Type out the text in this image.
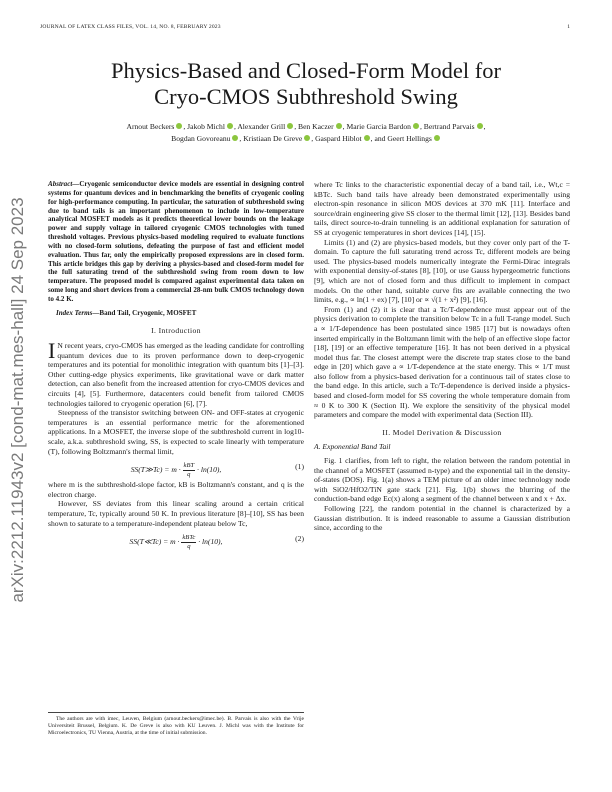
JOURNAL OF LATEX CLASS FILES, VOL. 14, NO. 8, FEBRUARY 2023	1
arXiv:2212.11943v2 [cond-mat.mes-hall] 24 Sep 2023
Physics-Based and Closed-Form Model for
Cryo-CMOS Subthreshold Swing
Arnout Beckers , Jakob Michl , Alexander Grill , Ben Kaczer , Marie Garcia Bardon , Bertrand Parvais ,
Bogdan Govoreanu , Kristiaan De Greve , Gaspard Hiblot , and Geert Hellings
Abstract—Cryogenic semiconductor device models are essential in designing control systems for quantum devices and in benchmarking the benefits of cryogenic cooling for high-performance computing. In particular, the saturation of subthreshold swing due to band tails is an important phenomenon to include in low-temperature analytical MOSFET models as it predicts theoretical lower bounds on the leakage power and supply voltage in tailored cryogenic CMOS technologies with tuned threshold voltages. Previous physics-based modeling required to evaluate functions with no closed-form solutions, defeating the purpose of fast and efficient model evaluation. Thus far, only the empirically proposed expressions are in closed form. This article bridges this gap by deriving a physics-based and closed-form model for the full saturating trend of the subthreshold swing from room down to low temperature. The proposed model is compared against experimental data taken on some long and short devices from a commercial 28-nm bulk CMOS technology down to 4.2 K.
Index Terms—Band Tail, Cryogenic, MOSFET
I. Introduction

I N recent years, cryo-CMOS has emerged as the leading candidate for controlling quantum devices due to its proven performance down to deep-cryogenic temperatures and its potential for monolithic integration with quantum bits [1]–[3]. Other cutting-edge physics experiments, like gravitational wave or dark matter detection, can also benefit from the increased attention for cryo-CMOS devices and circuits [4], [5]. Furthermore, datacenters could benefit from tailored CMOS technologies tailored to cryogenic operation [6], [7].

Steepness of the transistor switching between ON- and OFF-states at cryogenic temperatures is an essential performance metric for the aforementioned applications. In a MOSFET, the inverse slope of the subthreshold current in log10-scale, a.k.a. subthreshold swing, SS, is expected to scale linearly with temperature (T), following Boltzmann's thermal limit,

SS(T≫Tc) = $m \cdot \frac{\text{kBT}}{q} \cdot \ln(10)$,	(1)

where m is the subthreshold-slope factor, kB is Boltzmann's constant, and q is the electron charge.

However, SS deviates from this linear scaling around a certain critical temperature, Tc, typically around 50 K. In previous literature [8]–[10], SS has been shown to saturate to a temperature-independent plateau below Tc,

SS(T≪Tc) = $m \cdot \frac{\text{kBTc}}{q} \cdot \ln(10)$,	(2)

The authors are with imec, Leuven, Belgium (arnout.beckers@imec.be). B. Parvais is also with the Vrije Universiteit Brussel, Belgium. K. De Greve is also with KU Leuven. J. Michl was with the Institute for Microelectronics, TU Vienna, Austria, at the time of initial submission.

where Tc links to the characteristic exponential decay of a band tail, i.e., Wt,c = kBTc. Such band tails have already been demonstrated experimentally using electron-spin resonance in silicon MOS devices at 370 mK [11]. Interface and source/drain engineering give SS closer to the thermal limit [12], [13]. Besides band tails, direct source-to-drain tunneling is an additional explanation for saturation of SS at cryogenic temperatures in short devices [14], [15].

Limits (1) and (2) are physics-based models, but they cover only part of the T-domain. To capture the full saturating trend across Tc, different models are being used. The physics-based models numerically integrate the Fermi-Dirac integrals with exponential density-of-states [8], [10], or use Gauss hypergeometric functions [9], which are not of closed form and thus difficult to implement in compact models. On the other hand, suitable curve fits are available connecting the two limits, e.g., ∝ ln(1 + ex) [7], [10] or ∝ √(1 + x²) [9], [16].

From (1) and (2) it is clear that a Tc/T-dependence must appear out of the physics derivation to complete the transition below Tc in a full T-range model. Such a ∝ 1/T-dependence has been postulated since 1985 [17] but is nowadays often inserted empirically in the Boltzmann limit with the help of an effective slope factor [18], [19] or an effective temperature [16]. It has not been derived in a physical model thus far. The closest attempt were the discrete trap states close to the band edge in [20] which gave a ∝ 1/T-dependence at the state energy. This ∝ 1/T must also follow from a physics-based derivation for a continuous tail of states close to the band edge. In this article, such a Tc/T-dependence is derived inside a physics-based and closed-form model for SS covering the whole temperature domain from ≈ 0 K to 300 K (Section II). We explore the sensitivity of the physical model parameters and compare the model with experimental data (Section III).

II. Model Derivation & Discussion
A. Exponential Band Tail

Fig. 1 clarifies, from left to right, the relation between the random potential in the channel of a MOSFET (assumed n-type) and the exponential tail in the density-of-states (DOS). Fig. 1(a) shows a TEM picture of an older imec technology node with SiO2/HfO2/TiN gate stack [21]. Fig. 1(b) shows the blurring of the conduction-band edge Ec(x) along a segment of the channel between x and x + Δx.

Following [22], the random potential in the channel is characterized by a Gaussian distribution. It is indeed reasonable to assume a Gaussian distribution since, according to the
